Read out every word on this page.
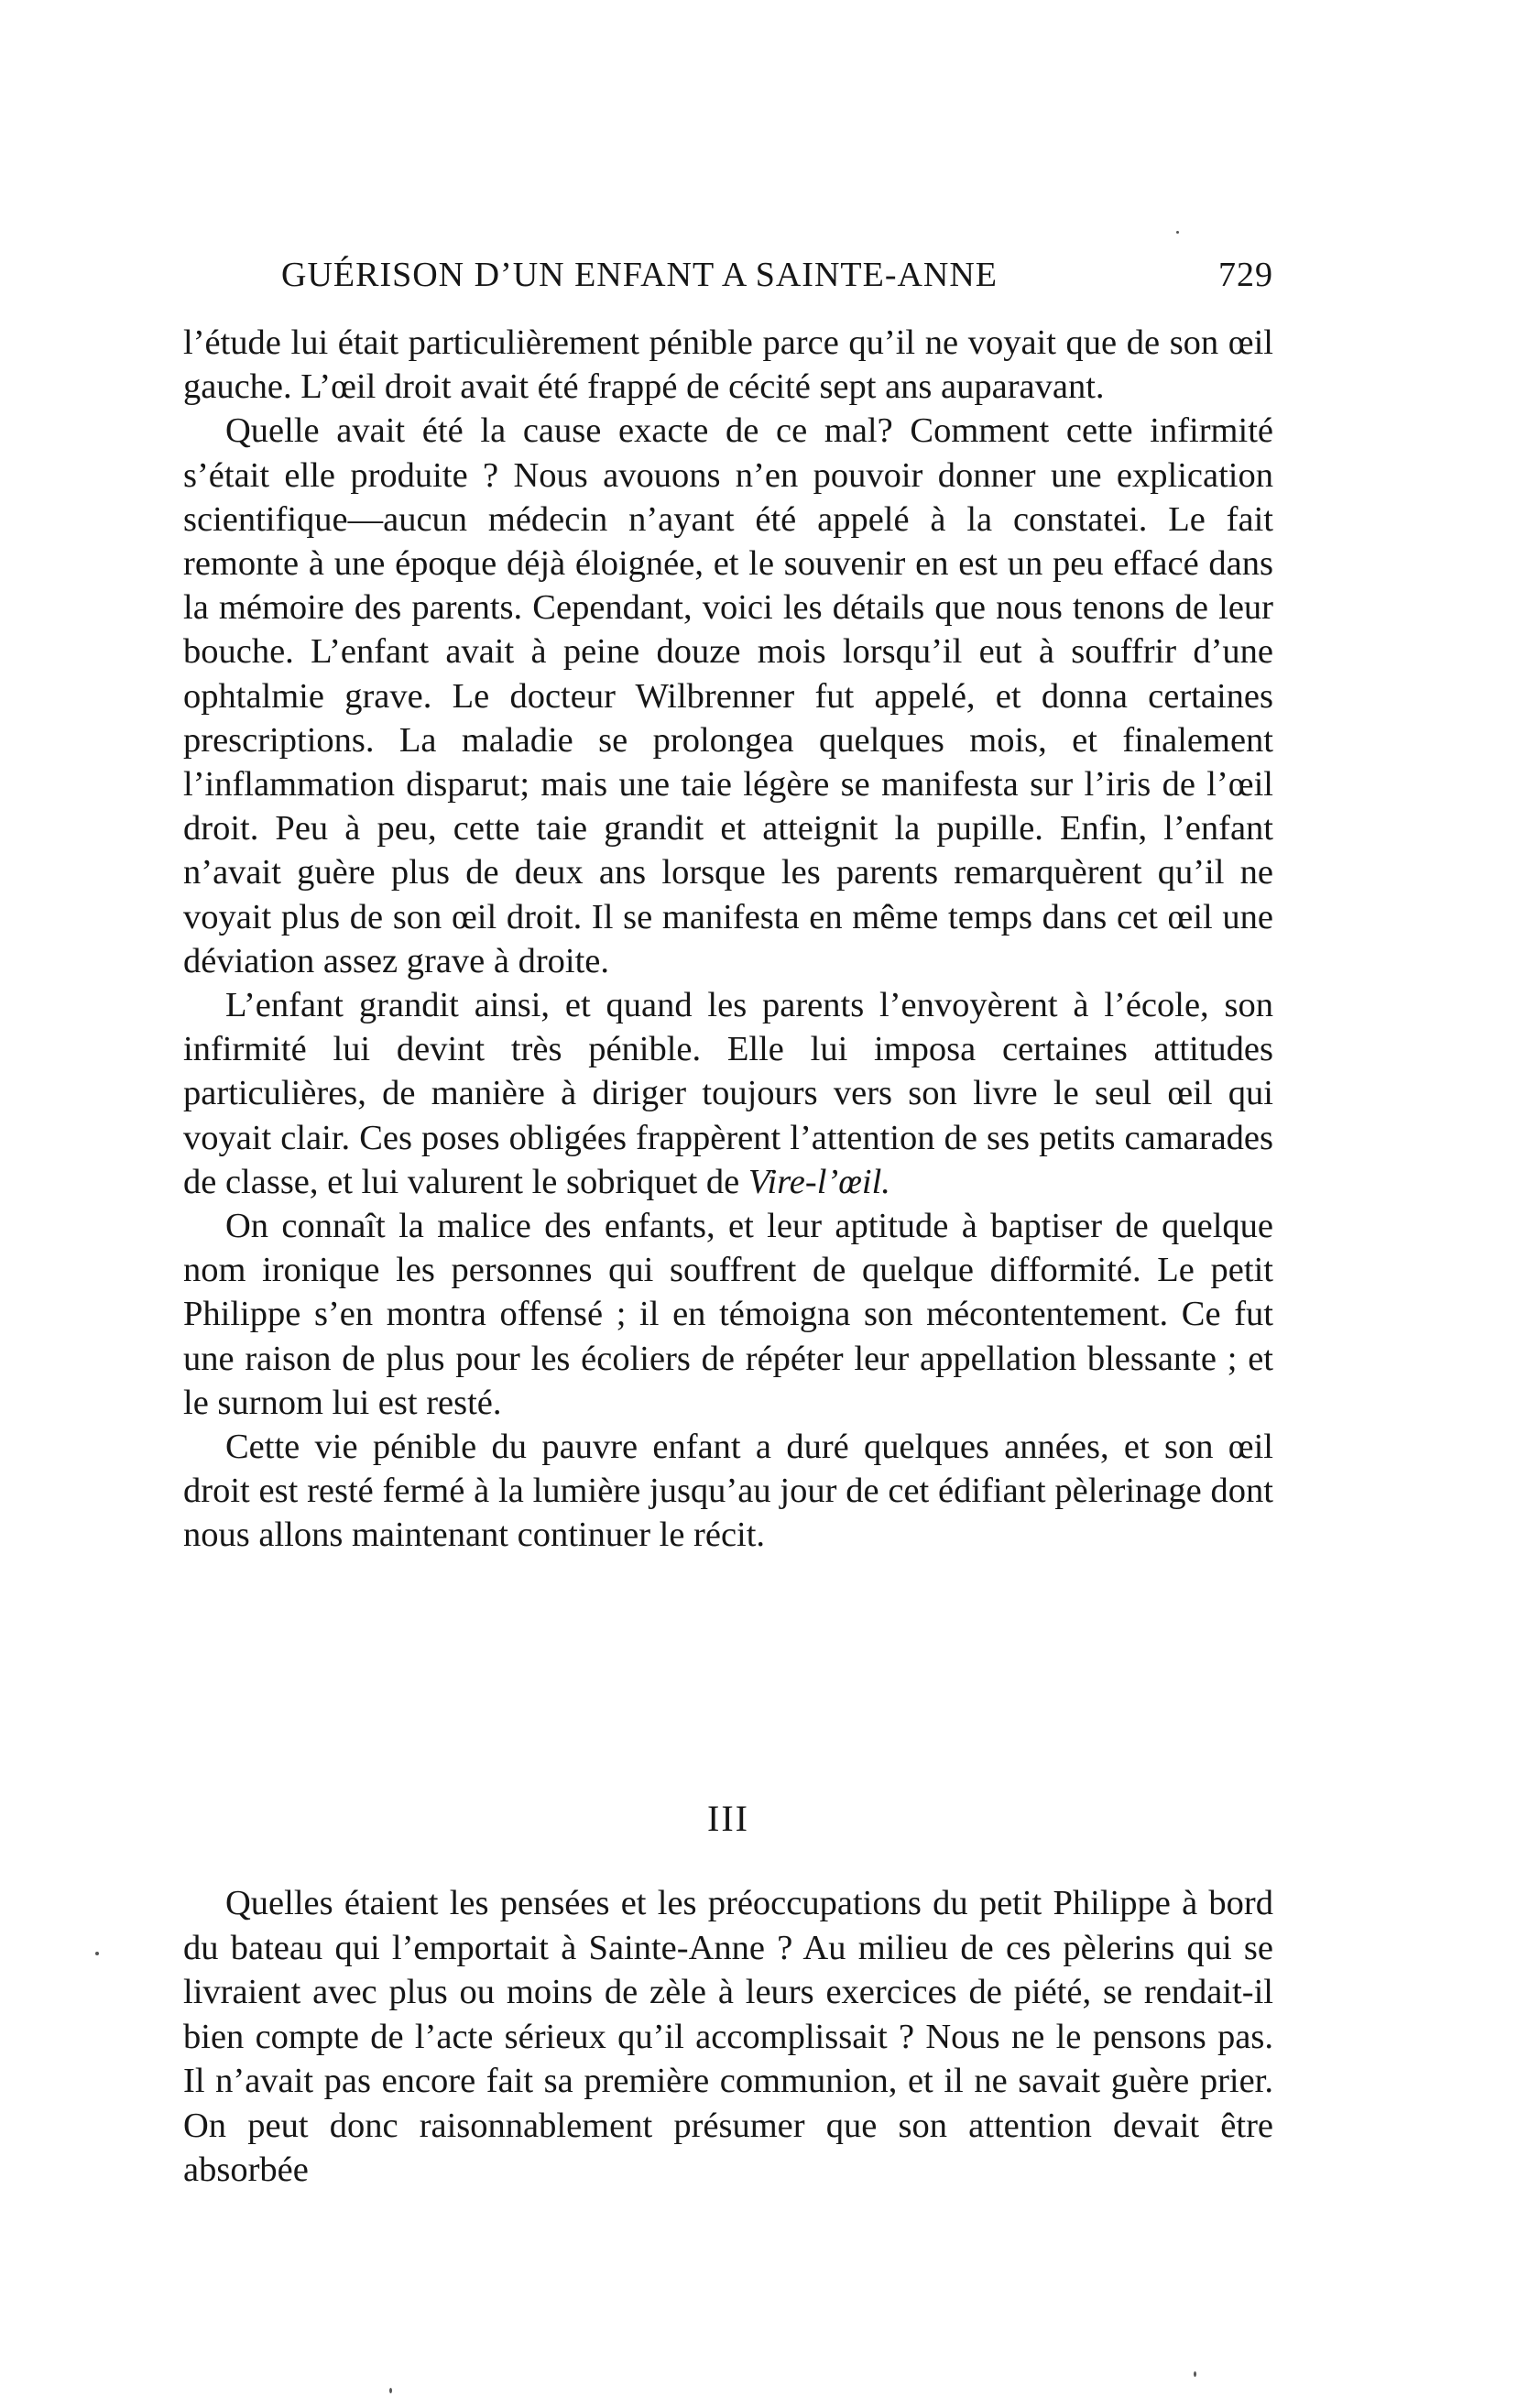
GUÉRISON D’UN ENFANT A SAINTE-ANNE	729

l’étude lui était particulièrement pénible parce qu’il ne voyait que de son œil gauche. L’œil droit avait été frappé de cécité sept ans auparavant.

Quelle avait été la cause exacte de ce mal? Comment cette infirmité s’était elle produite ? Nous avouons n’en pouvoir donner une explication scientifique—aucun médecin n’ayant été appelé à la constatei. Le fait remonte à une époque déjà éloignée, et le souvenir en est un peu effacé dans la mémoire des parents. Cependant, voici les détails que nous tenons de leur bouche. L’enfant avait à peine douze mois lorsqu’il eut à souffrir d’une ophtalmie grave. Le docteur Wilbrenner fut appelé, et donna certaines prescriptions. La maladie se prolongea quelques mois, et finalement l’inflammation disparut; mais une taie légère se manifesta sur l’iris de l’œil droit. Peu à peu, cette taie grandit et atteignit la pupille. Enfin, l’enfant n’avait guère plus de deux ans lorsque les parents remarquèrent qu’il ne voyait plus de son œil droit. Il se manifesta en même temps dans cet œil une déviation assez grave à droite.

L’enfant grandit ainsi, et quand les parents l’envoyèrent à l’école, son infirmité lui devint très pénible. Elle lui imposa certaines attitudes particulières, de manière à diriger toujours vers son livre le seul œil qui voyait clair. Ces poses obligées frappèrent l’attention de ses petits camarades de classe, et lui valurent le sobriquet de Vire-l’œil.

On connaît la malice des enfants, et leur aptitude à baptiser de quelque nom ironique les personnes qui souffrent de quelque difformité. Le petit Philippe s’en montra offensé ; il en témoigna son mécontentement. Ce fut une raison de plus pour les écoliers de répéter leur appellation blessante ; et le surnom lui est resté.

Cette vie pénible du pauvre enfant a duré quelques années, et son œil droit est resté fermé à la lumière jusqu’au jour de cet édifiant pèlerinage dont nous allons maintenant continuer le récit.

III

Quelles étaient les pensées et les préoccupations du petit Philippe à bord du bateau qui l’emportait à Sainte-Anne ? Au milieu de ces pèlerins qui se livraient avec plus ou moins de zèle à leurs exercices de piété, se rendait-il bien compte de l’acte sérieux qu’il accomplissait ? Nous ne le pensons pas. Il n’avait pas encore fait sa première communion, et il ne savait guère prier. On peut donc raisonnablement présumer que son attention devait être absorbée
